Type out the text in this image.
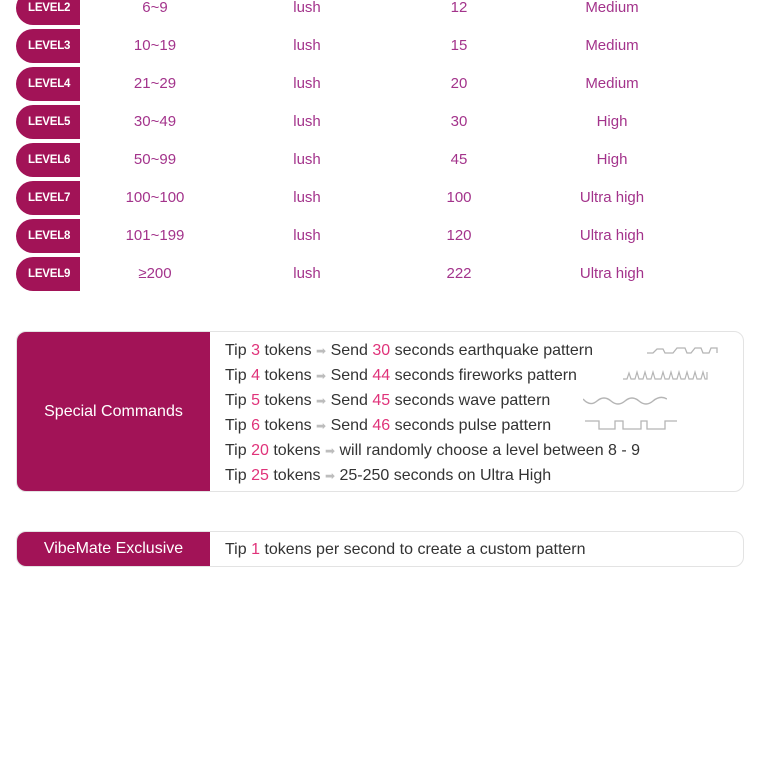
LEVEL2	6~9	lush	12	Medium
LEVEL3	10~19	lush	15	Medium
LEVEL4	21~29	lush	20	Medium
LEVEL5	30~49	lush	30	High
LEVEL6	50~99	lush	45	High
LEVEL7	100~100	lush	100	Ultra high
LEVEL8	101~199	lush	120	Ultra high
LEVEL9	≥200	lush	222	Ultra high
Special Commands
Tip 3 tokens ➡ Send 30 seconds earthquake pattern
Tip 4 tokens ➡ Send 44 seconds fireworks pattern
Tip 5 tokens ➡ Send 45 seconds wave pattern
Tip 6 tokens ➡ Send 46 seconds pulse pattern
Tip 20 tokens ➡ will randomly choose a level between 8 - 9
Tip 25 tokens ➡ 25-250 seconds on Ultra High
VibeMate Exclusive	Tip 1 tokens per second to create a custom pattern
